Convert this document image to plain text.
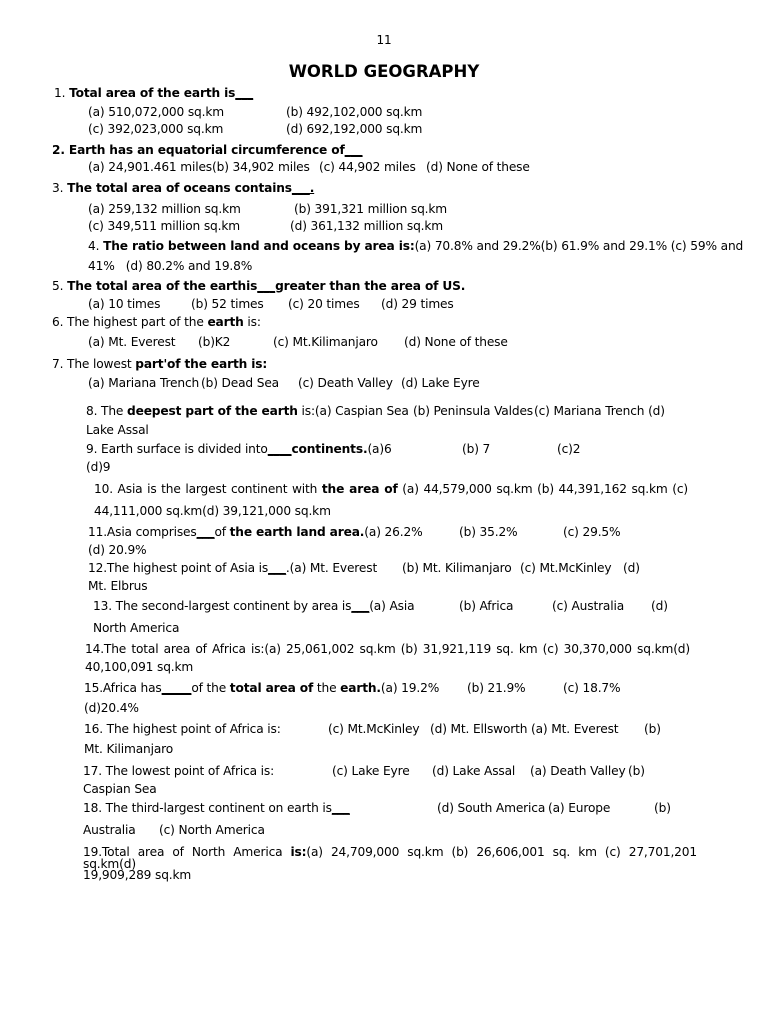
11
WORLD GEOGRAPHY
1. Total area of the earth is___
(a) 510,072,000 sq.km	(b) 492,102,000 sq.km
(c) 392,023,000 sq.km	(d) 692,192,000 sq.km
2. Earth has an equatorial circumference of___
(a) 24,901.461 miles (b) 34,902 miles (c) 44,902 miles (d) None of these
3. The total area of oceans contains___.
(a) 259,132 million sq.km	(b) 391,321 million sq.km
(c) 349,511 million sq.km	(d) 361,132 million sq.km
4. The ratio between land and oceans by area is:(a) 70.8% and 29.2%(b) 61.9% and 29.1% (c) 59% and
41%   (d) 80.2% and 19.8%
5. The total area of the earthis___greater than the area of US.
(a) 10 times	(b) 52 times (c) 20 times (d) 29 times
6. The highest part of the earth is:
(a) Mt. Everest (b)K2	(c) Mt.Kilimanjaro (d) None of these
7. The lowest part'of the earth is:
(a) Mariana Trench (b) Dead Sea (c) Death Valley (d) Lake Eyre
8. The deepest part of the earth is:(a) Caspian Sea (b) Peninsula Valdes (c) Mariana Trench (d)
Lake Assal
9. Earth surface is divided into____continents.(a)6	(b) 7	(c)2
(d)9
10. Asia is the largest continent with the area of (a) 44,579,000 sq.km (b) 44,391,162 sq.km (c)
44,111,000 sq.km(d) 39,121,000 sq.km
11.Asia comprises___of the earth land area.(a) 26.2%	(b) 35.2%	(c) 29.5%
(d) 20.9%
12.The highest point of Asia is___.(a) Mt. Everest (b) Mt. Kilimanjaro (c) Mt.McKinley (d)
Mt. Elbrus
13. The second-largest continent by area is___(a) Asia	(b) Africa	(c) Australia (d)
North America
14.The total area of Africa is:(a) 25,061,002 sq.km (b) 31,921,119 sq. km (c) 30,370,000 sq.km(d)
40,100,091 sq.km
15.Africa has_____of the total area of the earth.(a) 19.2% (b) 21.9%	(c) 18.7%
(d)20.4%
16. The highest point of Africa is:	(c) Mt.McKinley (d) Mt. Ellsworth (a) Mt. Everest (b)
Mt. Kilimanjaro
17. The lowest point of Africa is:	(c) Lake Eyre (d) Lake Assal (a) Death Valley (b)
Caspian Sea
18. The third-largest continent on earth is___	(d) South America (a) Europe	(b)
Australia (c) North America
19.Total area of North America is:(a) 24,709,000 sq.km (b) 26,606,001 sq. km (c) 27,701,201 sq.km(d)
19,909,289 sq.km
